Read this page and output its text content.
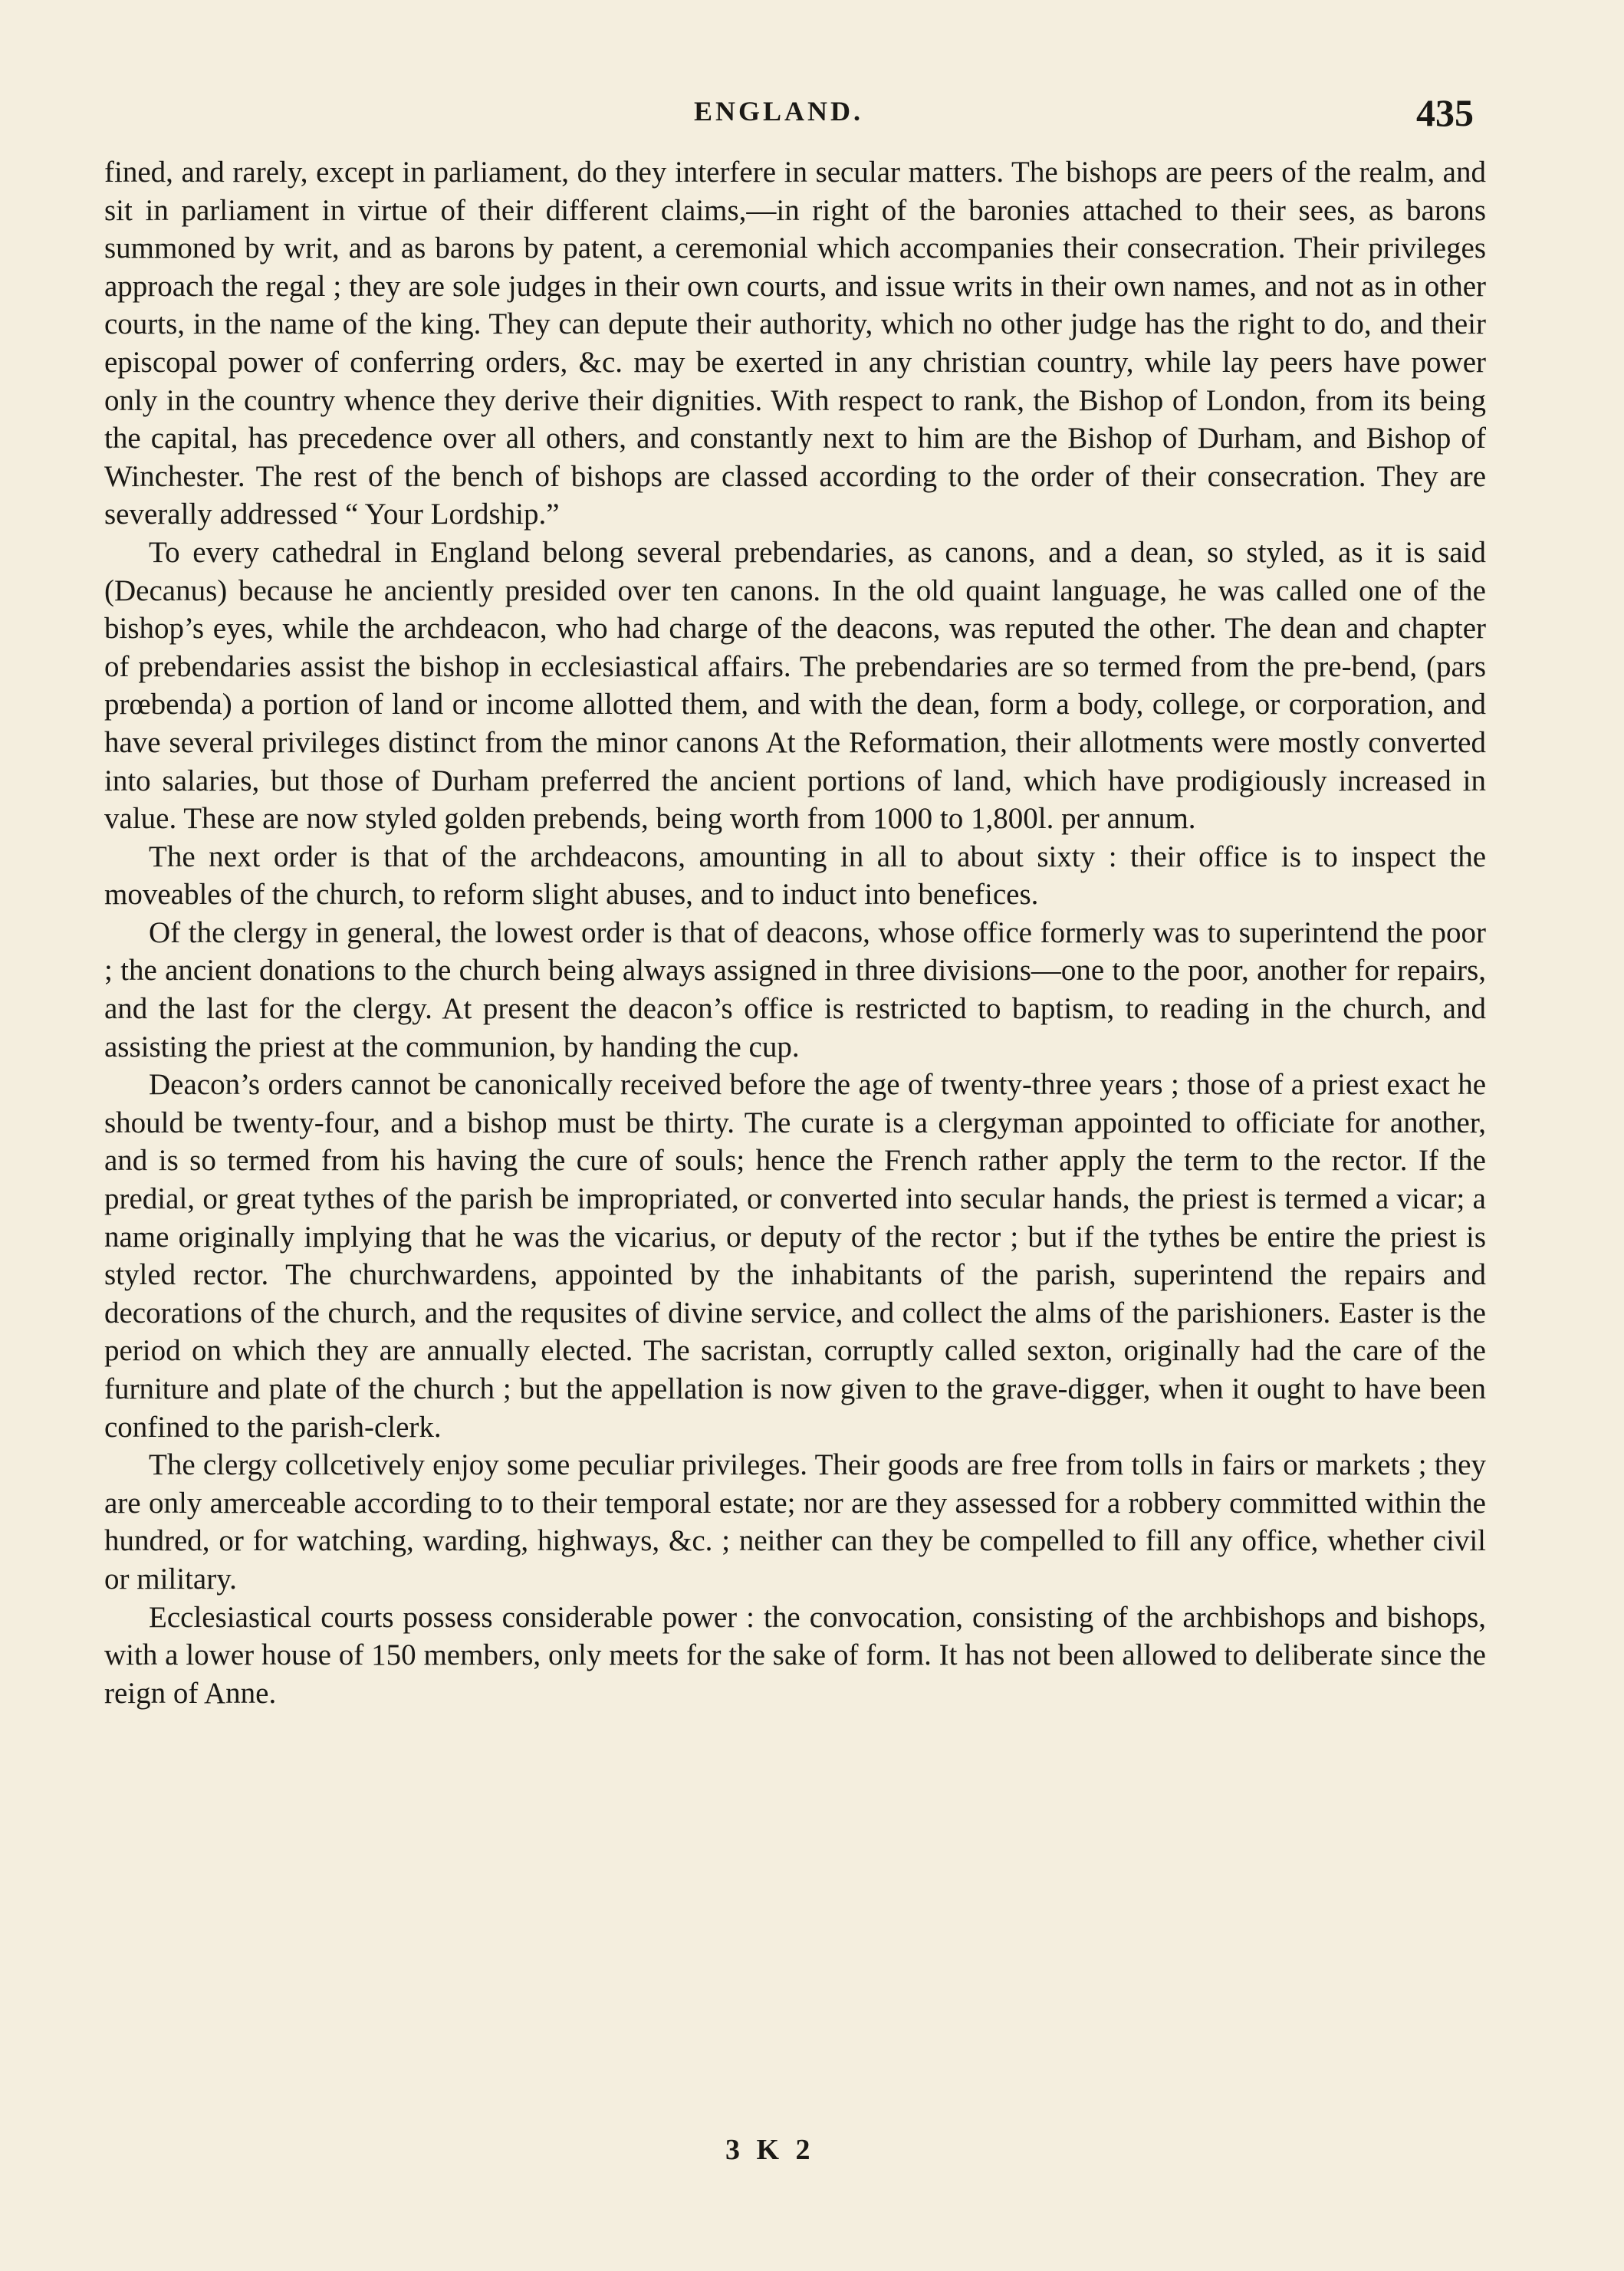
ENGLAND.	435

fined, and rarely, except in parliament, do they interfere in secular matters. The bishops are peers of the realm, and sit in parliament in virtue of their different claims,—in right of the baronies attached to their sees, as barons summoned by writ, and as barons by patent, a ceremonial which accompanies their consecration. Their privileges approach the regal ; they are sole judges in their own courts, and issue writs in their own names, and not as in other courts, in the name of the king. They can depute their authority, which no other judge has the right to do, and their episcopal power of conferring orders, &c. may be exerted in any christian country, while lay peers have power only in the country whence they derive their dignities. With respect to rank, the Bishop of London, from its being the capital, has precedence over all others, and constantly next to him are the Bishop of Durham, and Bishop of Winchester. The rest of the bench of bishops are classed according to the order of their consecration. They are severally addressed “ Your Lordship.”

To every cathedral in England belong several prebendaries, as canons, and a dean, so styled, as it is said (Decanus) because he anciently presided over ten canons. In the old quaint language, he was called one of the bishop’s eyes, while the archdeacon, who had charge of the deacons, was reputed the other. The dean and chapter of prebendaries assist the bishop in ecclesiastical affairs. The prebendaries are so termed from the pre-bend, (pars prœbenda) a portion of land or income allotted them, and with the dean, form a body, college, or corporation, and have several privileges distinct from the minor canons At the Reformation, their allotments were mostly converted into salaries, but those of Durham preferred the ancient portions of land, which have prodigiously increased in value. These are now styled golden prebends, being worth from 1000 to 1,800l. per annum.

The next order is that of the archdeacons, amounting in all to about sixty : their office is to inspect the moveables of the church, to reform slight abuses, and to induct into benefices.

Of the clergy in general, the lowest order is that of deacons, whose office formerly was to superintend the poor ; the ancient donations to the church being always assigned in three divisions—one to the poor, another for repairs, and the last for the clergy. At present the deacon’s office is restricted to baptism, to reading in the church, and assisting the priest at the communion, by handing the cup.

Deacon’s orders cannot be canonically received before the age of twenty-three years ; those of a priest exact he should be twenty-four, and a bishop must be thirty. The curate is a clergyman appointed to officiate for another, and is so termed from his having the cure of souls; hence the French rather apply the term to the rector. If the predial, or great tythes of the parish be impropriated, or converted into secular hands, the priest is termed a vicar; a name originally implying that he was the vicarius, or deputy of the rector ; but if the tythes be entire the priest is styled rector. The churchwardens, appointed by the inhabitants of the parish, superintend the repairs and decorations of the church, and the requsites of divine service, and collect the alms of the parishioners. Easter is the period on which they are annually elected. The sacristan, corruptly called sexton, originally had the care of the furniture and plate of the church ; but the appellation is now given to the grave-digger, when it ought to have been confined to the parish-clerk.

The clergy collcetively enjoy some peculiar privileges. Their goods are free from tolls in fairs or markets ; they are only amerceable according to to their temporal estate; nor are they assessed for a robbery committed within the hundred, or for watching, warding, highways, &c. ; neither can they be compelled to fill any office, whether civil or military.

Ecclesiastical courts possess considerable power : the convocation, consisting of the archbishops and bishops, with a lower house of 150 members, only meets for the sake of form. It has not been allowed to deliberate since the reign of Anne.

3 K 2
